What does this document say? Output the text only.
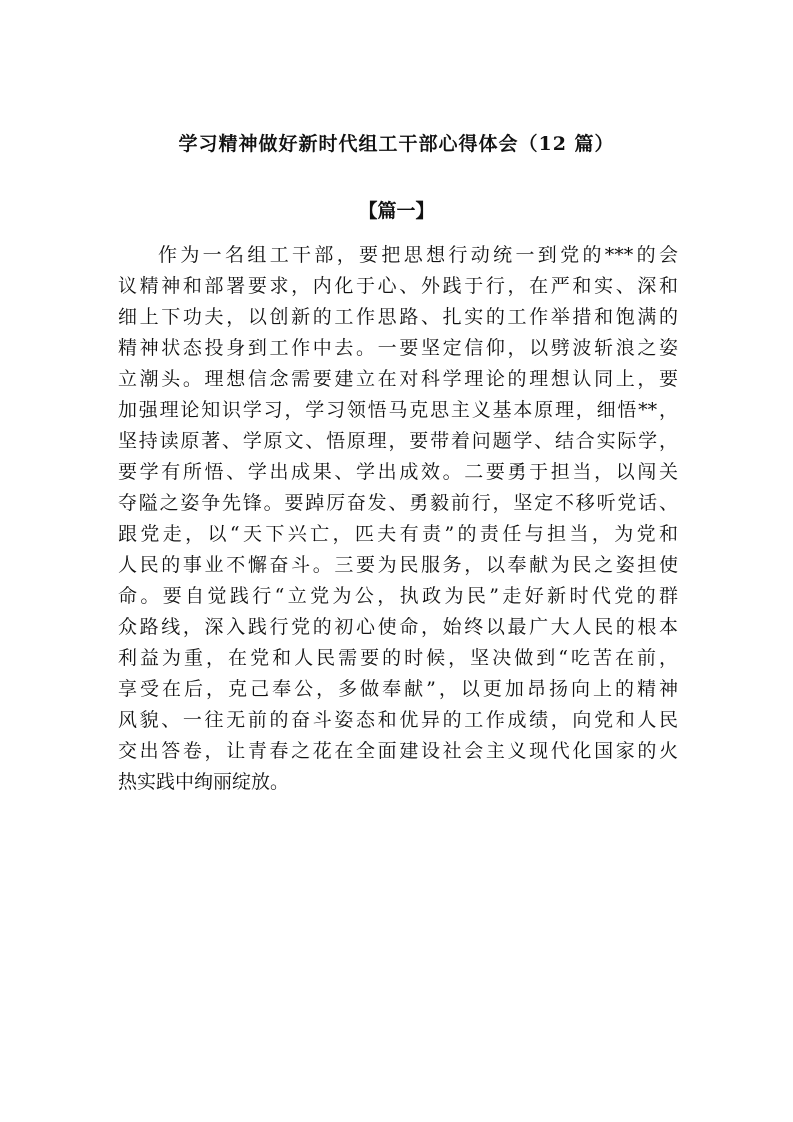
学习精神做好新时代组工干部心得体会（12 篇）
【篇一】
作为一名组工干部，要把思想行动统一到党的***的会
议精神和部署要求，内化于心、外践于行，在严和实、深和
细上下功夫，以创新的工作思路、扎实的工作举措和饱满的
精神状态投身到工作中去。一要坚定信仰，以劈波斩浪之姿
立潮头。理想信念需要建立在对科学理论的理想认同上，要
加强理论知识学习，学习领悟马克思主义基本原理，细悟**，
坚持读原著、学原文、悟原理，要带着问题学、结合实际学，
要学有所悟、学出成果、学出成效。二要勇于担当，以闯关
夺隘之姿争先锋。要踔厉奋发、勇毅前行，坚定不移听党话、
跟党走，以“天下兴亡，匹夫有责”的责任与担当，为党和
人民的事业不懈奋斗。三要为民服务，以奉献为民之姿担使
命。要自觉践行“立党为公，执政为民”走好新时代党的群
众路线，深入践行党的初心使命，始终以最广大人民的根本
利益为重，在党和人民需要的时候，坚决做到“吃苦在前，
享受在后，克己奉公，多做奉献”，以更加昂扬向上的精神
风貌、一往无前的奋斗姿态和优异的工作成绩，向党和人民
交出答卷，让青春之花在全面建设社会主义现代化国家的火
热实践中绚丽绽放。
